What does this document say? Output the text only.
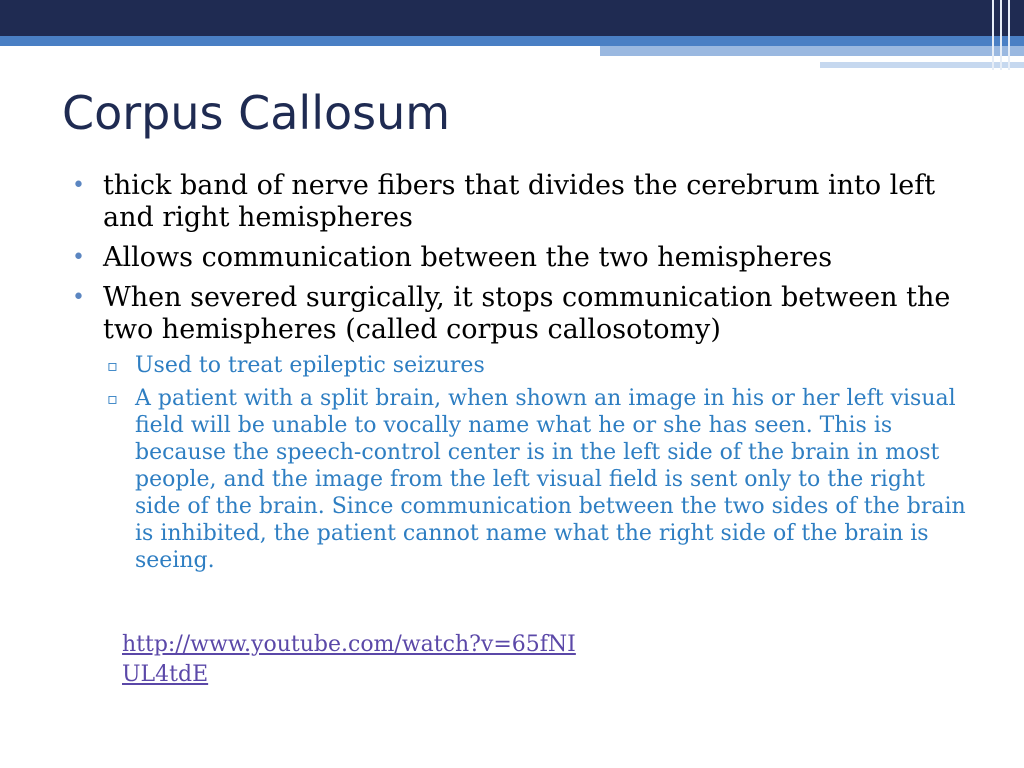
Corpus Callosum
• thick band of nerve fibers that divides the cerebrum into left and right hemispheres
• Allows communication between the two hemispheres
• When severed surgically, it stops communication between the two hemispheres (called corpus callosotomy)
▫ Used to treat epileptic seizures
▫ A patient with a split brain, when shown an image in his or her left visual field will be unable to vocally name what he or she has seen. This is because the speech-control center is in the left side of the brain in most people, and the image from the left visual field is sent only to the right side of the brain. Since communication between the two sides of the brain is inhibited, the patient cannot name what the right side of the brain is seeing.
http://www.youtube.com/watch?v=65fNI
UL4tdE
